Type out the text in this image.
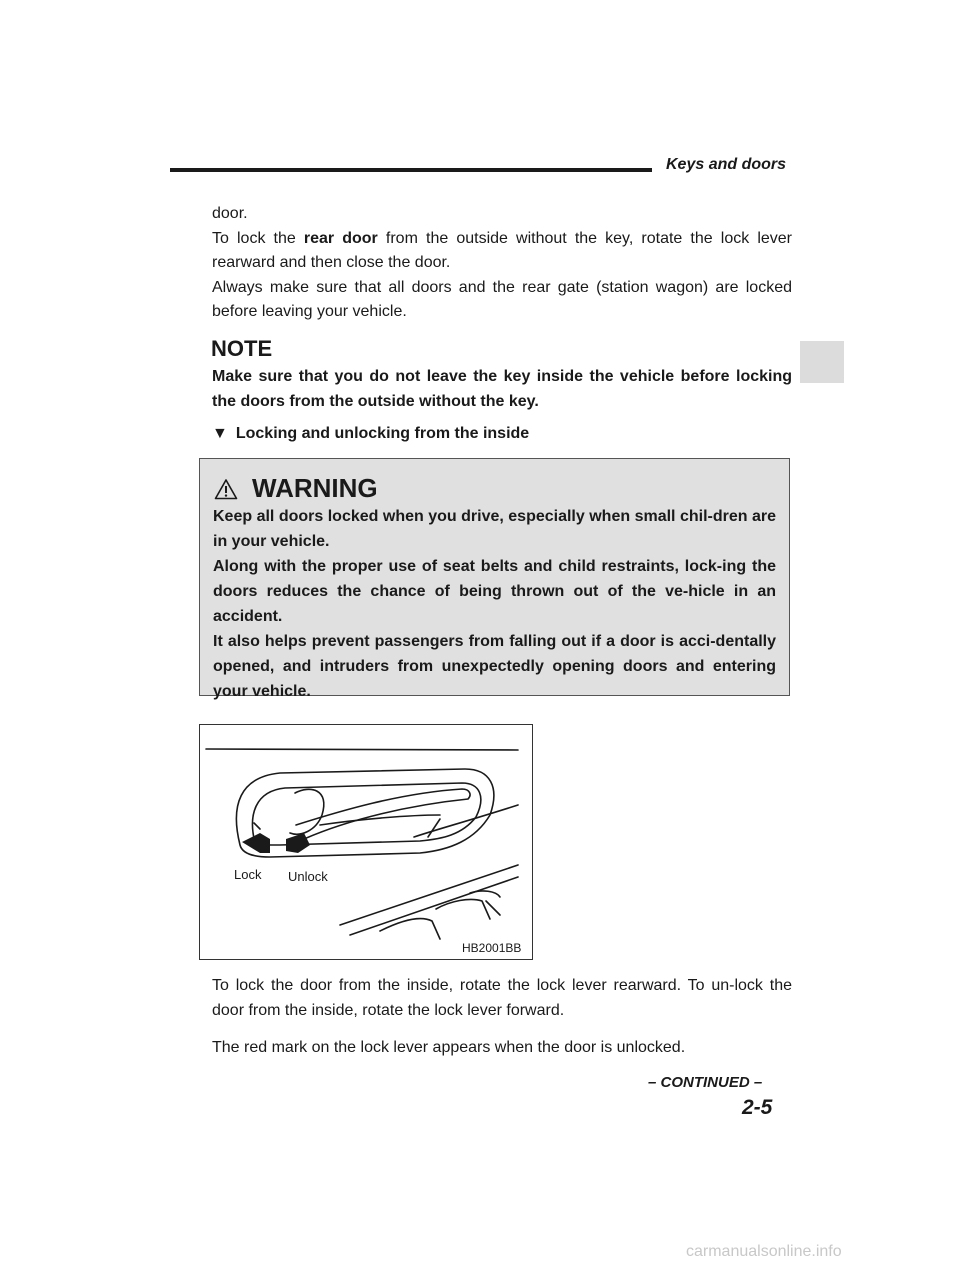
Keys and doors
door.
To lock the rear door from the outside without the key, rotate the lock lever rearward and then close the door.
Always make sure that all doors and the rear gate (station wagon) are locked before leaving your vehicle.
NOTE
Make sure that you do not leave the key inside the vehicle before locking the doors from the outside without the key.
▼ Locking and unlocking from the inside
WARNING
Keep all doors locked when you drive, especially when small chil-dren are in your vehicle.
Along with the proper use of seat belts and child restraints, lock-ing the doors reduces the chance of being thrown out of the ve-hicle in an accident.
It also helps prevent passengers from falling out if a door is acci-dentally opened, and intruders from unexpectedly opening doors and entering your vehicle.
Lock Unlock
HB2001BB
To lock the door from the inside, rotate the lock lever rearward. To un-lock the door from the inside, rotate the lock lever forward.
The red mark on the lock lever appears when the door is unlocked.
– CONTINUED –
2-5
carmanualsonline.info
